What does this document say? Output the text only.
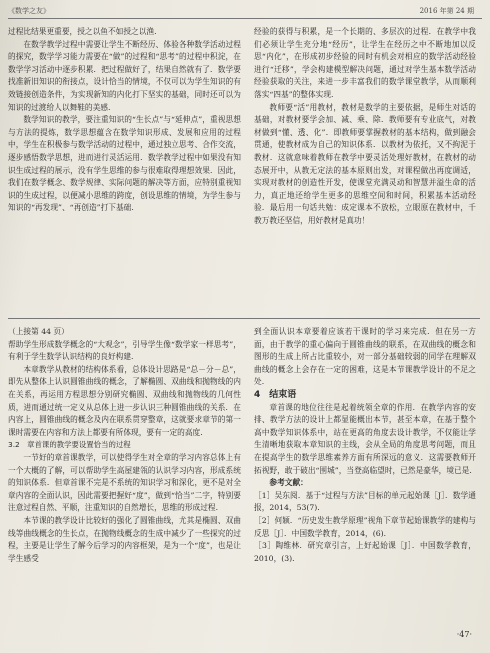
《数学之友》	2016 年第 24 期

过程比结果更重要，授之以鱼不如授之以渔.

在数学教学过程中需要让学生不断经历、体验各种数学活动过程的探究，数学学习能力需要在“做”的过程和“思考”的过程中积淀，在数学学习活动中逐步积累．把过程做好了，结果自然就有了．数学要找准新旧知识的衔接点，设计恰当的情境，不仅可以为学生知识的有效链接创造条件，为实现新知的内化打下坚实的基础，同时还可以为知识的过渡给人以舞鞋的美感.

数学知识的教学，要注重知识的“生长点”与“延伸点”，重视思想与方法的提炼，数学思想蕴含在数学知识形成、发展和应用的过程中，学生在积极参与数学活动的过程中，通过独立思考、合作交流，逐步感悟数学思想，进而进行灵活运用．数学教学过程中如果没有知识生成过程的展示，没有学生思维的参与很难取得理想效果．因此，我们在数学概念、数学规律、实际问题的解决等方面，应特别重视知识的生成过程，以便减小思维的跨度，创设思维的情境，为学生参与知识的“再发现”、“再创造”打下基础.

经验的获得与积累，是一个长期的、多层次的过程．在教学中我们必须让学生充分地“经历”，让学生在经历之中不断地加以反思“内化”，在形成初步经验的同时有机会对相应的数学活动经验进行“迁移”，学会构建模型解决问题，通过对学生基本数学活动经验获取的关注，来进一步丰富我们的数学课堂教学，从而顺利落实“四基”的整体实现.

教师要“活”用教材，教材是数学的主要依据，是师生对话的基础，对教材要学会加、减、乘、除．教师要有专业底气，对教材做到“懂、透、化”．即教师要掌握教材的基本结构，做到融会贯通，使教材成为自己的知识体系．以教材为依托，又不拘泥于教材．这就意味着教师在教学中要灵活处理好教材，在教材的动态展开中，从教无定法的基本原则出发，对课程做出再度调适，实现对教材的创造性开发，使课堂充满灵动和智慧并溢生命的活力，真正地还给学生更多的思维空间和时间，积累基本活动经验．最后用一句话共勉：成定课本不放松，立眼原在教材中，千教万教还坚信，用好教材是真功！

（上接第 44 页）

帮助学生形成数学概念的“大观念”，引导学生像“数学家一样思考”，有利于学生数学认识结构的良好构建.

本章教学从教材的结构体系看，总体设计思路是“总－分－总”，即先从整体上认识圆锥曲线的概念，了解椭圆、双曲线和抛物线的内在关系，再运用方程思想分别研究椭圆、双曲线和抛物线的几何性质，进而通过统一定义从总体上进一步认识三种圆锥曲线的关系．在内容上，圆锥曲线的概念及内在联系贯穿整章，这就要求章节的第一课时需要在内容和方法上都要有所体现，要有一定的高度.

3.2　章首课的教学要设置恰当的过程

一节好的章首课教学，可以使得学生对全章的学习内容总体上有一个大概的了解，可以帮助学生高屋建瓴的认识学习内容，形成系统的知识体系．但章首课不完是不系统的知识学习和深化，更不是对全章内容的全面认识，因此需要把握好“度”，做到“恰当”二字，特别要注意过程自然、平顺，注重知识的自然增长，思维的形成过程.

本节课的教学设计比较好的强化了圆锥曲线，尤其是椭圆、双曲线等曲线概念的生长点，在抛物线概念的生成中减少了一些探究的过程，主要是让学生了解今后学习的内容框架，是为一个“度”，也是让学生感受

到全面认识本章要着应该若干课时的学习来完成．但在另一方面，由于教学的重心偏向于圆锥曲线的联系，在双曲线的概念和图形的生成上所占比重较小，对一部分基础较弱的同学在理解双曲线的概念上会存在一定的困难，这是本节课教学设计的不足之处.

4　结束语

章首课的地位往往是起着统领全章的作用．在教学内容的安排、教学方法的设计上都显能概出本节，甚至本章，在基于整个高中数学知识体系中，站在更高的角度去设计教学，不仅能让学生清晰地获取本章知识的主线，会从全局的角度思考问题，而且在提高学生的数学思维素养方面有所深远的意义．这需要教师开拓视野，敢于破出“围城”，当登高临望时，已然是豪华，境已是.

参考文献：

［1］吴东阅．基于“过程与方法”目标的单元起始课［J］．数学通报，2014，53(7)．

［2］何颖．“历史发生教学原理”视角下章节起始课教学的建构与反思［J］．中国数学教育，2014，(6)．

［3］陶维林．研究章引言，上好起始课［J］．中国数学教育，2010，(3)．

·47·
